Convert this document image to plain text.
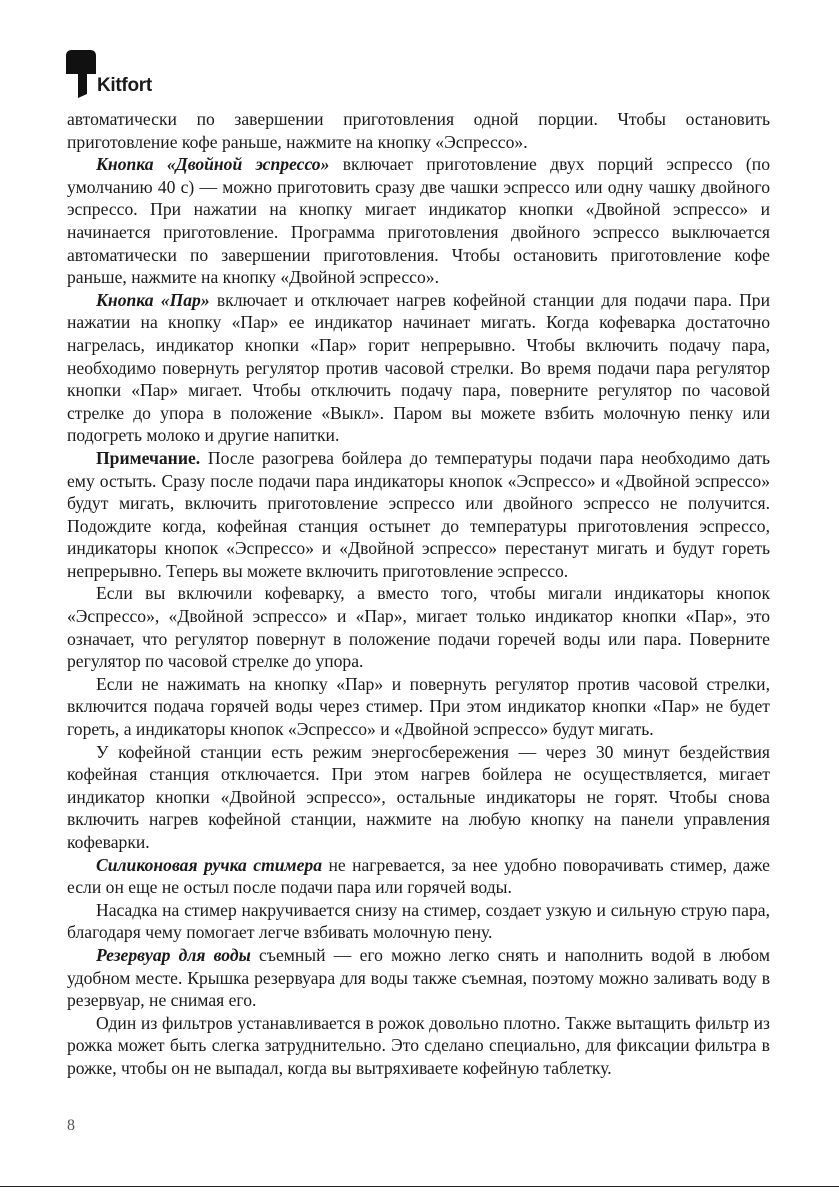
Kitfort

автоматически по завершении приготовления одной порции. Чтобы остановить приготовление кофе раньше, нажмите на кнопку «Эспрессо».

Кнопка «Двойной эспрессо» включает приготовление двух порций эспрессо (по умолчанию 40 с) — можно приготовить сразу две чашки эспрессо или одну чашку двойного эспрессо. При нажатии на кнопку мигает индикатор кнопки «Двойной эспрессо» и начинается приготовление. Программа приготовления двойного эспрессо выключается автоматически по завершении приготовления. Чтобы остановить приготовление кофе раньше, нажмите на кнопку «Двойной эспрессо».

Кнопка «Пар» включает и отключает нагрев кофейной станции для подачи пара. При нажатии на кнопку «Пар» ее индикатор начинает мигать. Когда кофеварка достаточно нагрелась, индикатор кнопки «Пар» горит непрерывно. Чтобы включить подачу пара, необходимо повернуть регулятор против часовой стрелки. Во время подачи пара регулятор кнопки «Пар» мигает. Чтобы отключить подачу пара, поверните регулятор по часовой стрелке до упора в положение «Выкл». Паром вы можете взбить молочную пенку или подогреть молоко и другие напитки.

Примечание. После разогрева бойлера до температуры подачи пара необходимо дать ему остыть. Сразу после подачи пара индикаторы кнопок «Эспрессо» и «Двойной эспрессо» будут мигать, включить приготовление эспрессо или двойного эспрессо не получится. Подождите когда, кофейная станция остынет до температуры приготовления эспрессо, индикаторы кнопок «Эспрессо» и «Двойной эспрессо» перестанут мигать и будут гореть непрерывно. Теперь вы можете включить приготовление эспрессо.

Если вы включили кофеварку, а вместо того, чтобы мигали индикаторы кнопок «Эспрессо», «Двойной эспрессо» и «Пар», мигает только индикатор кнопки «Пар», это означает, что регулятор повернут в положение подачи горечей воды или пара. Поверните регулятор по часовой стрелке до упора.

Если не нажимать на кнопку «Пар» и повернуть регулятор против часовой стрелки, включится подача горячей воды через стимер. При этом индикатор кнопки «Пар» не будет гореть, а индикаторы кнопок «Эспрессо» и «Двойной эспрессо» будут мигать.

У кофейной станции есть режим энергосбережения — через 30 минут бездействия кофейная станция отключается. При этом нагрев бойлера не осуществляется, мигает индикатор кнопки «Двойной эспрессо», остальные индикаторы не горят. Чтобы снова включить нагрев кофейной станции, нажмите на любую кнопку на панели управления кофеварки.

Силиконовая ручка стимера не нагревается, за нее удобно поворачивать стимер, даже если он еще не остыл после подачи пара или горячей воды.

Насадка на стимер накручивается снизу на стимер, создает узкую и сильную струю пара, благодаря чему помогает легче взбивать молочную пену.

Резервуар для воды съемный — его можно легко снять и наполнить водой в любом удобном месте. Крышка резервуара для воды также съемная, поэтому можно заливать воду в резервуар, не снимая его.

Один из фильтров устанавливается в рожок довольно плотно. Также вытащить фильтр из рожка может быть слегка затруднительно. Это сделано специально, для фиксации фильтра в рожке, чтобы он не выпадал, когда вы вытряхиваете кофейную таблетку.

8
